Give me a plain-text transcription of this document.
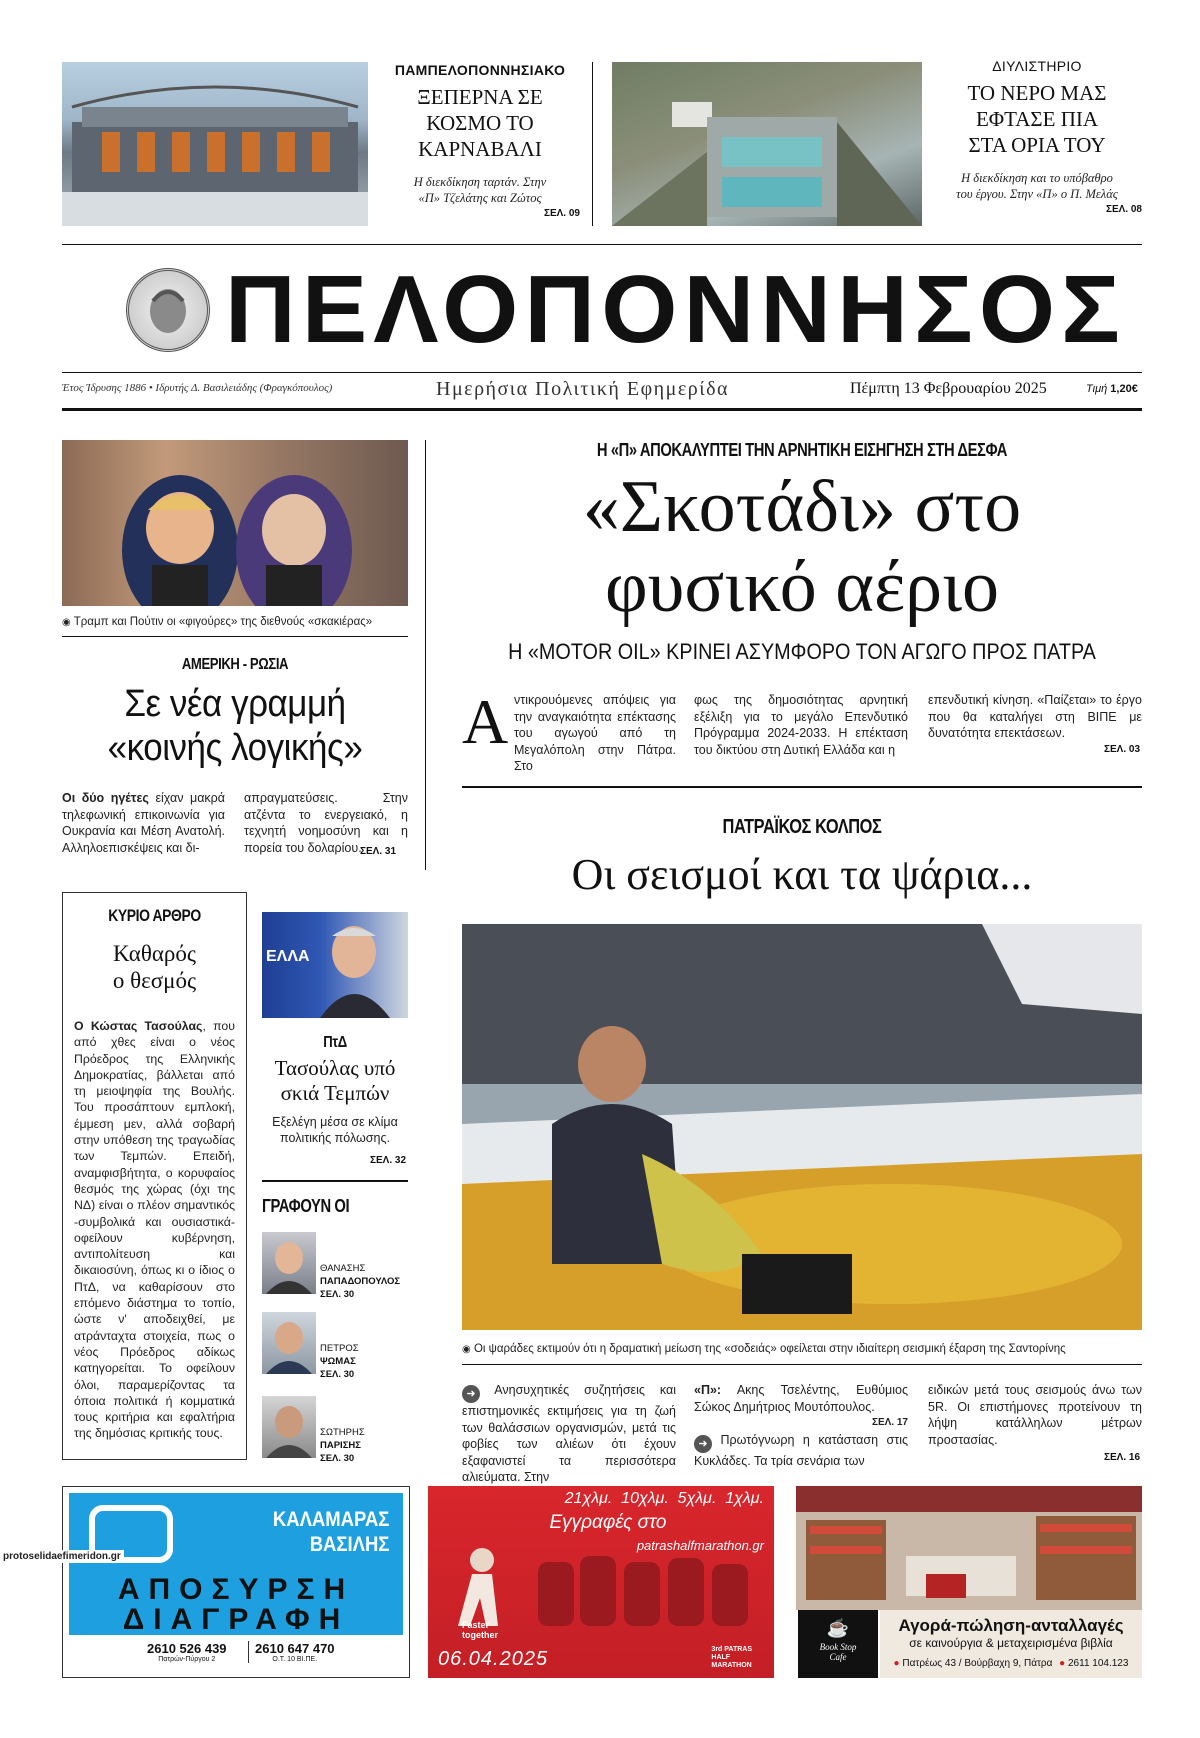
ΠΑΜΠΕΛΟΠΟΝΝΗΣΙΑΚΟ
ΞΕΠΕΡΝΑ ΣΕ
ΚΟΣΜΟ ΤΟ
ΚΑΡΝΑΒΑΛΙ
Η διεκδίκηση ταρτάν. Στην
«Π» Τζελάτης και Ζώτος
ΣΕΛ. 09
ΔΙΥΛΙΣΤΗΡΙΟ
ΤΟ ΝΕΡΟ ΜΑΣ
ΕΦΤΑΣΕ ΠΙΑ
ΣΤΑ ΟΡΙΑ ΤΟΥ
Η διεκδίκηση και το υπόβαθρο
του έργου. Στην «Π» ο Π. Μελάς
ΣΕΛ. 08
ΠΕΛΟΠΟΝΝΗΣΟΣ
Έτος Ίδρυσης 1886 • Ιδρυτής Δ. Βασιλειάδης (Φραγκόπουλος)	Ημερήσια Πολιτική Εφημερίδα	Πέμπτη 13 Φεβρουαρίου 2025	Τιμή 1,20€
◉ Τραμπ και Πούτιν οι «φιγούρες» της διεθνούς «σκακιέρας»
ΑΜΕΡΙΚΗ - ΡΩΣΙΑ
Σε νέα γραμμή
«κοινής λογικής»
Οι δύο ηγέτες είχαν μακρά τηλεφωνική επικοινωνία για Ουκρανία και Μέση Ανατολή. Αλληλοεπισκέψεις και δι-
απραγματεύσεις. Στην ατζέντα το ενεργειακό, η τεχνητή νοημοσύνη και η πορεία του δολαρίου.
ΣΕΛ. 31
ΚΥΡΙΟ ΑΡΘΡΟ
Καθαρός
ο θεσμός
Ο Κώστας Τασούλας, που από χθες είναι ο νέος Πρόεδρος της Ελληνικής Δημοκρατίας, βάλλεται από τη μειοψηφία της Βουλής. Του προσάπτουν εμπλοκή, έμμεση μεν, αλλά σοβαρή στην υπόθεση της τραγωδίας των Τεμπών. Επειδή, αναμφισβήτητα, ο κορυφαίος θεσμός της χώρας (όχι της ΝΔ) είναι ο πλέον σημαντικός -συμβολικά και ουσιαστικά- οφείλουν κυβέρνηση, αντιπολίτευση και δικαιοσύνη, όπως κι ο ίδιος ο ΠτΔ, να καθαρίσουν στο επόμενο διάστημα το τοπίο, ώστε ν' αποδειχθεί, με ατράνταχτα στοιχεία, πως ο νέος Πρόεδρος αδίκως κατηγορείται. Το οφείλουν όλοι, παραμερίζοντας τα όποια πολιτικά ή κομματικά τους κριτήρια και εφαλτήρια της δημόσιας κριτικής τους.
ΕΛΛΑ
ΠτΔ
Τασούλας υπό
σκιά Τεμπών
Εξελέγη μέσα σε κλίμα πολιτικής πόλωσης.
ΣΕΛ. 32
ΓΡΑΦΟΥΝ ΟΙ
ΘΑΝΑΣΗΣ
ΠΑΠΑΔΟΠΟΥΛΟΣ
ΣΕΛ. 30
ΠΕΤΡΟΣ
ΨΩΜΑΣ
ΣΕΛ. 30
ΣΩΤΗΡΗΣ
ΠΑΡΙΣΗΣ
ΣΕΛ. 30
Η «Π» ΑΠΟΚΑΛΥΠΤΕΙ ΤΗΝ ΑΡΝΗΤΙΚΗ ΕΙΣΗΓΗΣΗ ΣΤΗ ΔΕΣΦΑ
«Σκοτάδι» στο
φυσικό αέριο
Η «MOTOR OIL» ΚΡΙΝΕΙ ΑΣΥΜΦΟΡΟ ΤΟΝ ΑΓΩΓΟ ΠΡΟΣ ΠΑΤΡΑ
Α ντικρουόμενες απόψεις για την αναγκαιότητα επέκτασης του αγωγού από τη Μεγαλόπολη στην Πάτρα. Στο
φως της δημοσιότητας αρνητική εξέλιξη για το μεγάλο Επενδυτικό Πρόγραμμα 2024-2033. Η επέκταση του δικτύου στη Δυτική Ελλάδα και η
επενδυτική κίνηση. «Παίζεται» το έργο που θα καταλήγει στη ΒΙΠΕ με δυνατότητα επεκτάσεων.
ΣΕΛ. 03
ΠΑΤΡΑΪΚΟΣ ΚΟΛΠΟΣ
Οι σεισμοί και τα ψάρια...
◉ Οι ψαράδες εκτιμούν ότι η δραματική μείωση της «σοδειάς» οφείλεται στην ιδιαίτερη σεισμική έξαρση της Σαντορίνης
➜ Ανησυχητικές συζητήσεις και επιστημονικές εκτιμήσεις για τη ζωή των θαλάσσιων οργανισμών, μετά τις φοβίες των αλιέων ότι έχουν εξαφανιστεί τα περισσότερα αλιεύματα. Στην
«Π»: Ακης Τσελέντης, Ευθύμιος Σώκος Δημήτριος Μουτόπουλος.
ΣΕΛ. 17
➜ Πρωτόγνωρη η κατάσταση στις Κυκλάδες. Τα τρία σενάρια των
ειδικών μετά τους σεισμούς άνω των 5R. Οι επιστήμονες προτείνουν τη λήψη κατάλληλων μέτρων προστασίας.
ΣΕΛ. 16
ΚΑΛΑΜΑΡΑΣ
ΒΑΣΙΛΗΣ
ΑΠΟΣΥΡΣΗ
ΔΙΑΓΡΑΦΗ
2610 526 439
Πατρών-Πύργου 2
2610 647 470
Ο.Τ. 10 ΒΙ.ΠΕ.
21χλμ.  10χλμ.  5χλμ.  1χλμ.
Εγγραφές στο
patrashalfmarathon.gr
Faster
together
06.04.2025	3rd PATRAS
HALF
MARATHON
☕
Book Stop
Cafe
Αγορά-πώληση-ανταλλαγές
σε καινούργια & μεταχειρισμένα βιβλία
● Πατρέως 43 / Βούρβαχη 9, Πάτρα ● 2611 104.123
protoselidaefimeridon.gr
